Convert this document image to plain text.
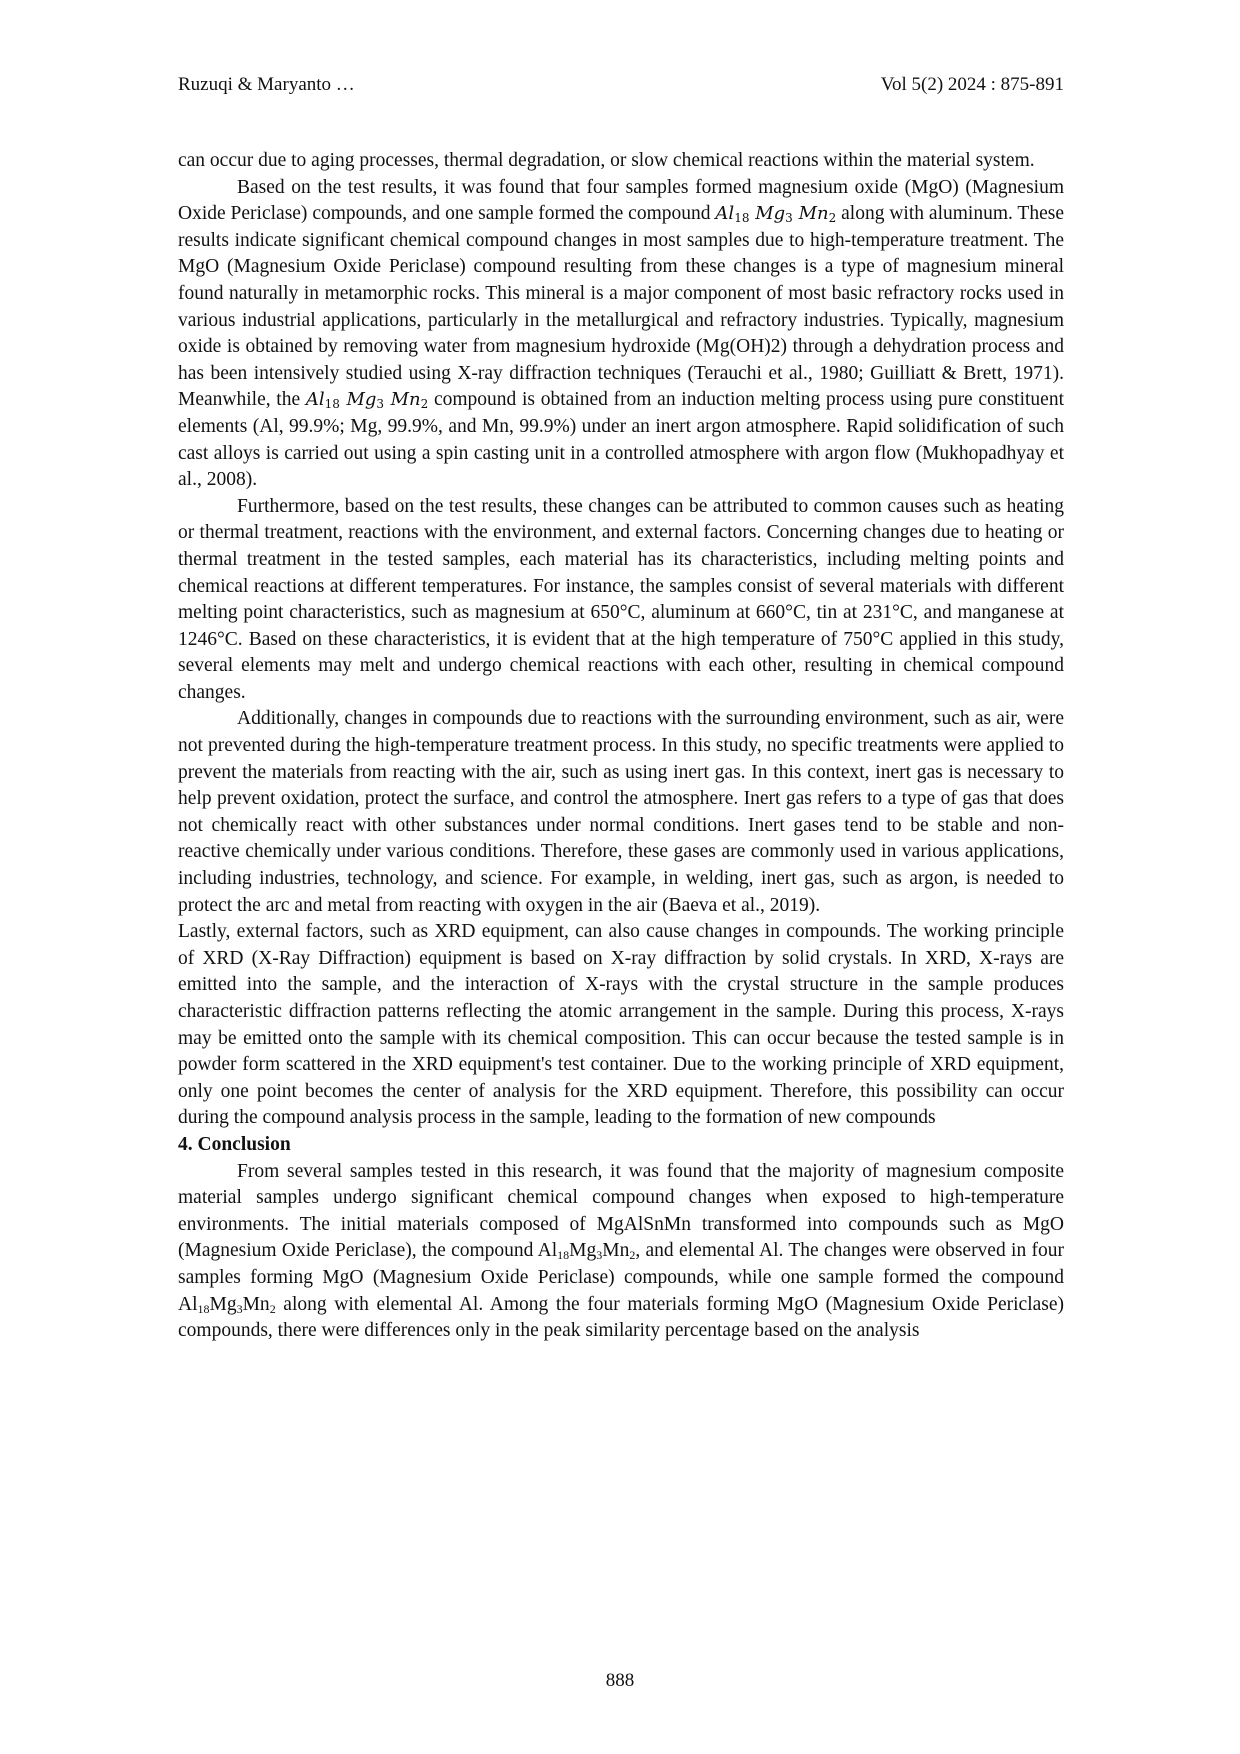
Ruzuqi & Maryanto …	Vol 5(2) 2024 : 875-891

can occur due to aging processes, thermal degradation, or slow chemical reactions within the material system.

Based on the test results, it was found that four samples formed magnesium oxide (MgO) (Magnesium Oxide Periclase) compounds, and one sample formed the compound $Al_{18}$ $Mg_3$ $Mn_2$ along with aluminum. These results indicate significant chemical compound changes in most samples due to high-temperature treatment. The MgO (Magnesium Oxide Periclase) compound resulting from these changes is a type of magnesium mineral found naturally in metamorphic rocks. This mineral is a major component of most basic refractory rocks used in various industrial applications, particularly in the metallurgical and refractory industries. Typically, magnesium oxide is obtained by removing water from magnesium hydroxide (Mg(OH)2) through a dehydration process and has been intensively studied using X-ray diffraction techniques (Terauchi et al., 1980; Guilliatt & Brett, 1971). Meanwhile, the $Al_{18}$ $Mg_3$ $Mn_2$ compound is obtained from an induction melting process using pure constituent elements (Al, 99.9%; Mg, 99.9%, and Mn, 99.9%) under an inert argon atmosphere. Rapid solidification of such cast alloys is carried out using a spin casting unit in a controlled atmosphere with argon flow (Mukhopadhyay et al., 2008).

Furthermore, based on the test results, these changes can be attributed to common causes such as heating or thermal treatment, reactions with the environment, and external factors. Concerning changes due to heating or thermal treatment in the tested samples, each material has its characteristics, including melting points and chemical reactions at different temperatures. For instance, the samples consist of several materials with different melting point characteristics, such as magnesium at 650°C, aluminum at 660°C, tin at 231°C, and manganese at 1246°C. Based on these characteristics, it is evident that at the high temperature of 750°C applied in this study, several elements may melt and undergo chemical reactions with each other, resulting in chemical compound changes.

Additionally, changes in compounds due to reactions with the surrounding environment, such as air, were not prevented during the high-temperature treatment process. In this study, no specific treatments were applied to prevent the materials from reacting with the air, such as using inert gas. In this context, inert gas is necessary to help prevent oxidation, protect the surface, and control the atmosphere. Inert gas refers to a type of gas that does not chemically react with other substances under normal conditions. Inert gases tend to be stable and non-reactive chemically under various conditions. Therefore, these gases are commonly used in various applications, including industries, technology, and science. For example, in welding, inert gas, such as argon, is needed to protect the arc and metal from reacting with oxygen in the air (Baeva et al., 2019).

Lastly, external factors, such as XRD equipment, can also cause changes in compounds. The working principle of XRD (X-Ray Diffraction) equipment is based on X-ray diffraction by solid crystals. In XRD, X-rays are emitted into the sample, and the interaction of X-rays with the crystal structure in the sample produces characteristic diffraction patterns reflecting the atomic arrangement in the sample. During this process, X-rays may be emitted onto the sample with its chemical composition. This can occur because the tested sample is in powder form scattered in the XRD equipment's test container. Due to the working principle of XRD equipment, only one point becomes the center of analysis for the XRD equipment. Therefore, this possibility can occur during the compound analysis process in the sample, leading to the formation of new compounds

4. Conclusion

From several samples tested in this research, it was found that the majority of magnesium composite material samples undergo significant chemical compound changes when exposed to high-temperature environments. The initial materials composed of MgAlSnMn transformed into compounds such as MgO (Magnesium Oxide Periclase), the compound $Al_{18}Mg_3Mn_2$, and elemental Al. The changes were observed in four samples forming MgO (Magnesium Oxide Periclase) compounds, while one sample formed the compound $Al_{18}Mg_3Mn_2$ along with elemental Al. Among the four materials forming MgO (Magnesium Oxide Periclase) compounds, there were differences only in the peak similarity percentage based on the analysis

888
